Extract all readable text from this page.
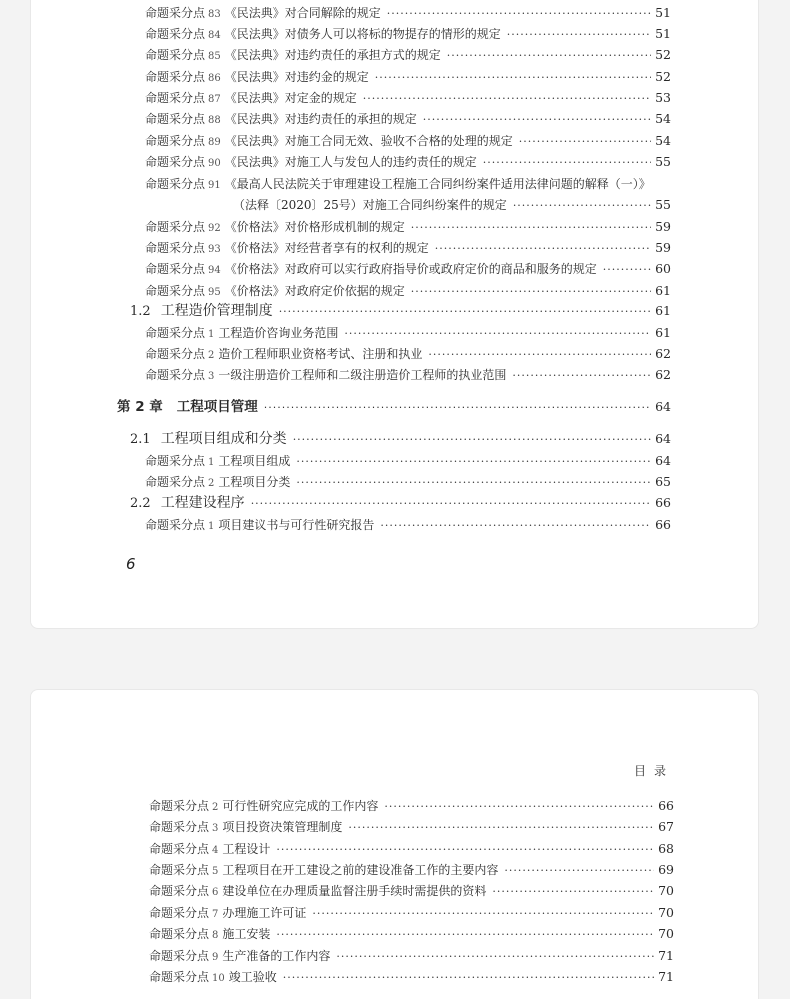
·····
命题采分点 83 《民法典》对合同解除的规定 ·····	51
命题采分点 84 《民法典》对债务人可以将标的物提存的情形的规定 ·····	51
命题采分点 85 《民法典》对违约责任的承担方式的规定 ·····	52
命题采分点 86 《民法典》对违约金的规定 ·····	52
命题采分点 87 《民法典》对定金的规定 ·····	53
命题采分点 88 《民法典》对违约责任的承担的规定 ·····	54
命题采分点 89 《民法典》对施工合同无效、验收不合格的处理的规定 ·····	54
命题采分点 90 《民法典》对施工人与发包人的违约责任的规定 ·····	55
命题采分点 91 《最高人民法院关于审理建设工程施工合同纠纷案件适用法律问题的解释（一）》
（法释〔2020〕25号）对施工合同纠纷案件的规定 ·····	55
命题采分点 92 《价格法》对价格形成机制的规定 ·····	59
命题采分点 93 《价格法》对经营者享有的权利的规定 ·····	59
命题采分点 94 《价格法》对政府可以实行政府指导价或政府定价的商品和服务的规定 ·····	60
命题采分点 95 《价格法》对政府定价依据的规定 ·····	61
1.2 工程造价管理制度 ·····	61
命题采分点 1 工程造价咨询业务范围 ·····	61
命题采分点 2 造价工程师职业资格考试、注册和执业 ·····	62
命题采分点 3 一级注册造价工程师和二级注册造价工程师的执业范围 ·····	62
第 2 章 工程项目管理 ·····	64
2.1 工程项目组成和分类 ·····	64
命题采分点 1 工程项目组成 ·····	64
命题采分点 2 工程项目分类 ·····	65
2.2 工程建设程序 ·····	66
命题采分点 1 项目建议书与可行性研究报告 ·····	66
6
目录
命题采分点 2 可行性研究应完成的工作内容 ·····	66
命题采分点 3 项目投资决策管理制度 ·····	67
命题采分点 4 工程设计 ·····	68
命题采分点 5 工程项目在开工建设之前的建设准备工作的主要内容 ·····	69
命题采分点 6 建设单位在办理质量监督注册手续时需提供的资料 ·····	70
命题采分点 7 办理施工许可证 ·····	70
命题采分点 8 施工安装 ·····	70
命题采分点 9 生产准备的工作内容 ·····	71
命题采分点 10 竣工验收 ·····	71
